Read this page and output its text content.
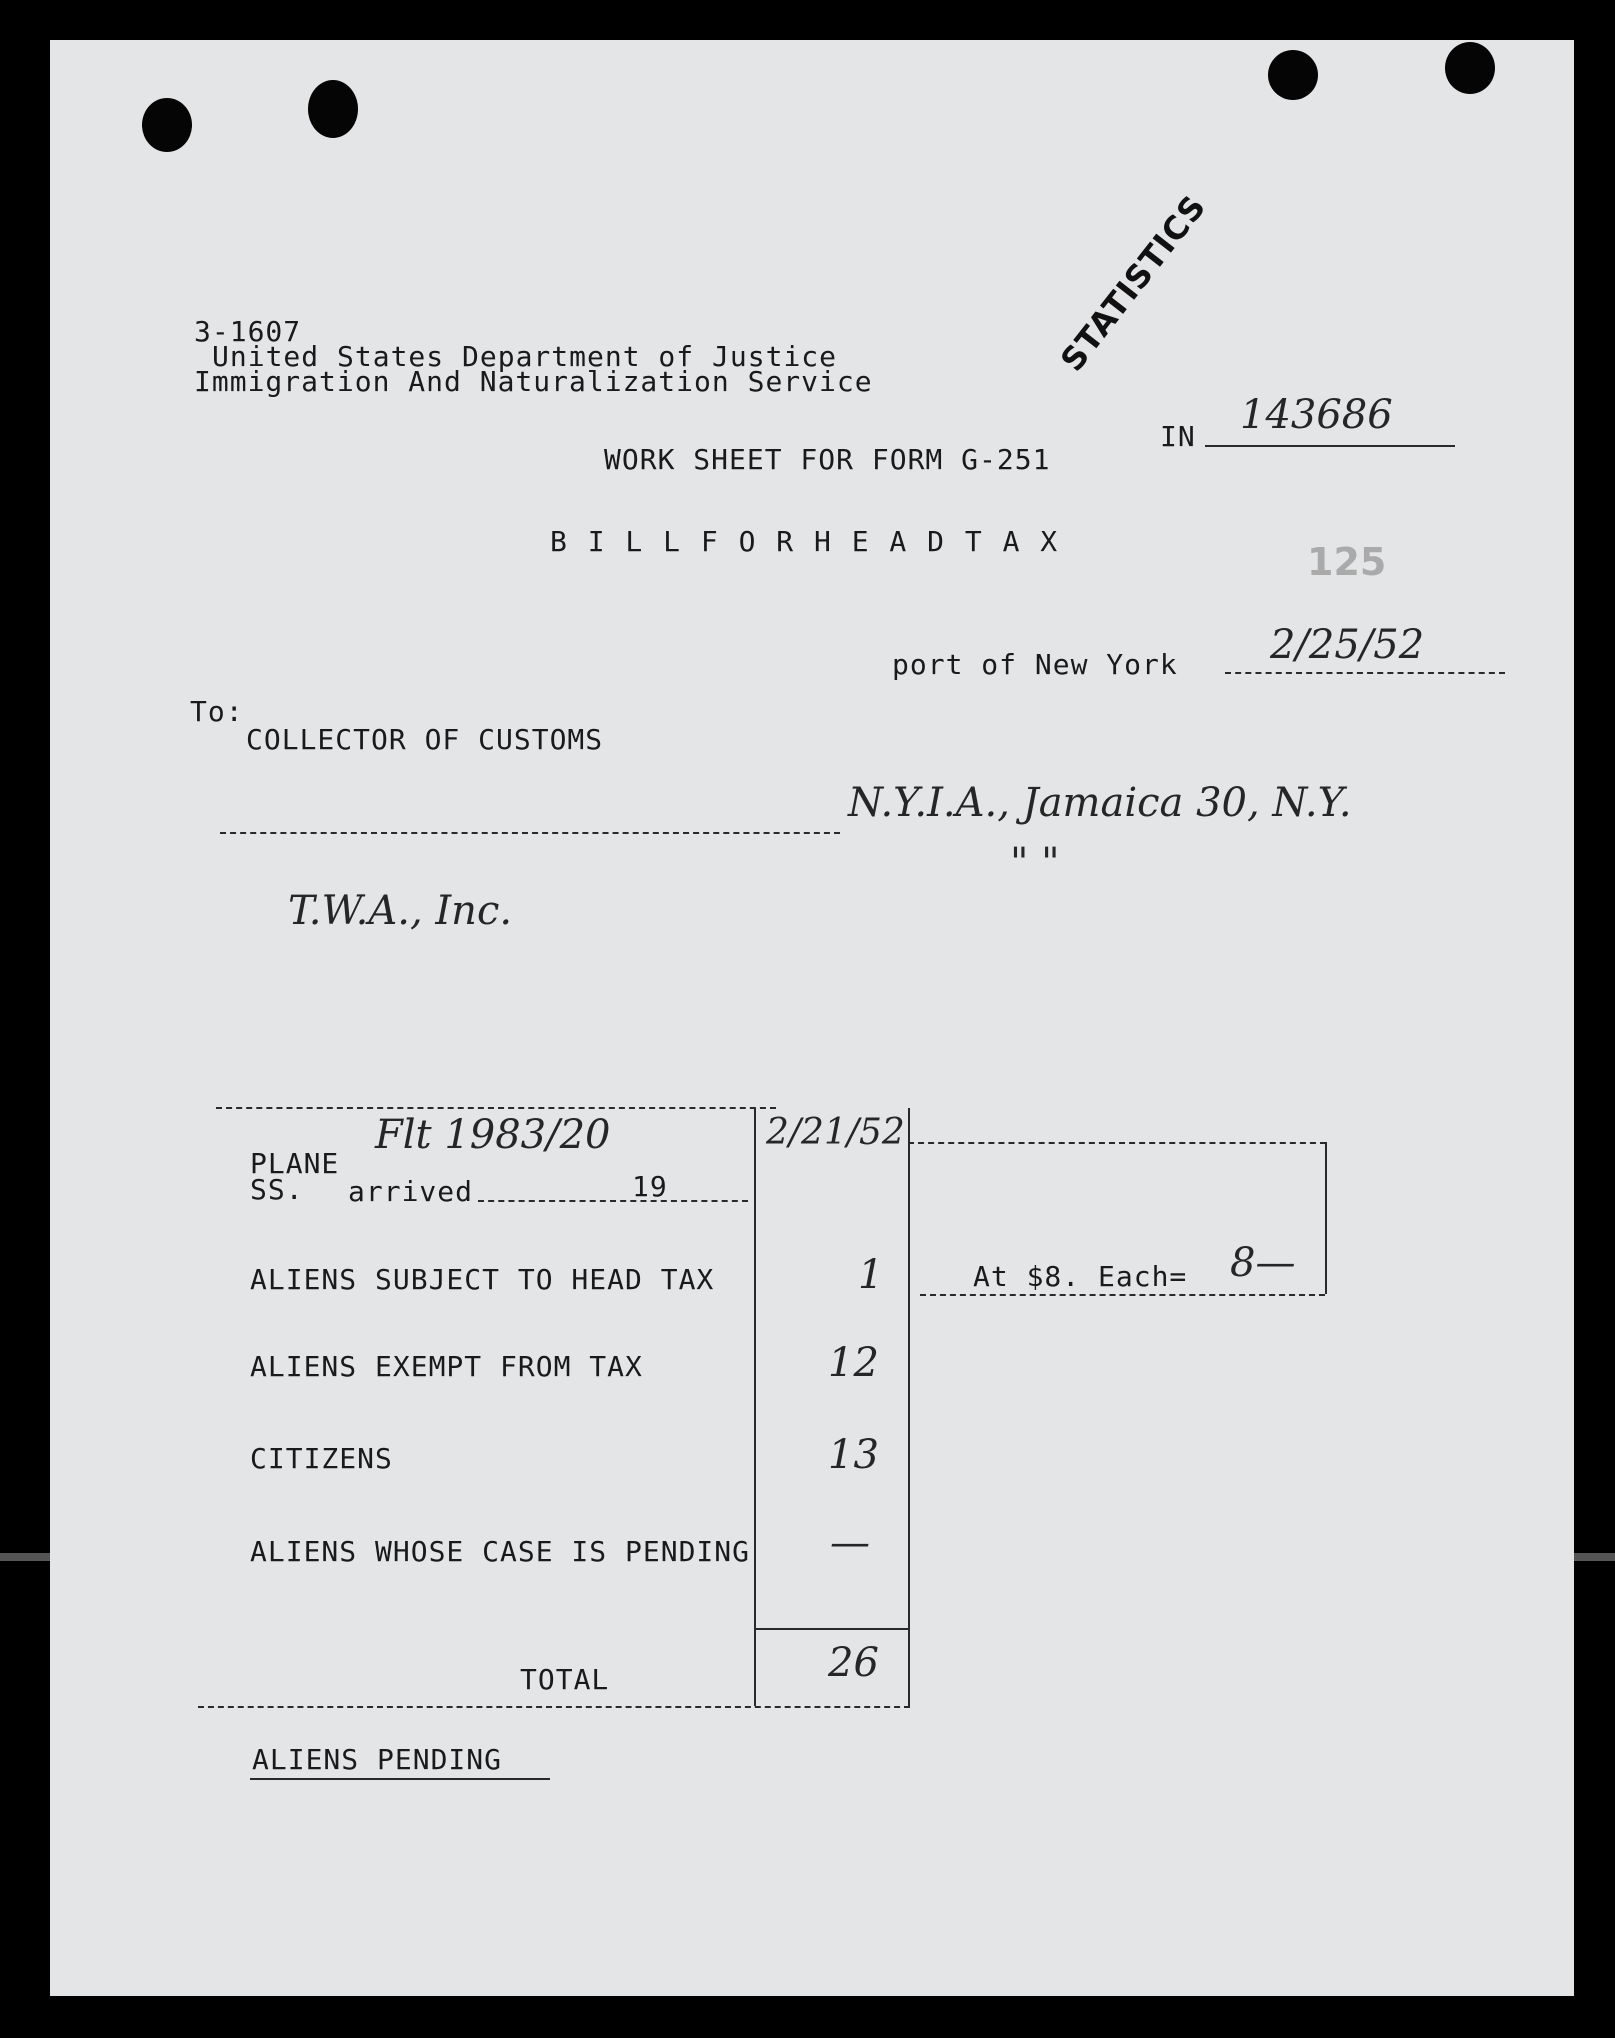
3-1607
United States Department of Justice
Immigration And Naturalization Service
STATISTICS
IN 143686
WORK SHEET FOR FORM G-251
B I L L F O R H E A D T A X	125
port of New York 2/25/52
To:
COLLECTOR OF CUSTOMS
N.Y.I.A., Jamaica 30, N.Y.
" "
T.W.A., Inc.
PLANE
Flt 1983/20	2/21/52
SS. arrived	19
At $8. Each= 8—
ALIENS SUBJECT TO HEAD TAX	1
ALIENS EXEMPT FROM TAX	12
CITIZENS	13
ALIENS WHOSE CASE IS PENDING —
TOTAL	26
ALIENS PENDING
